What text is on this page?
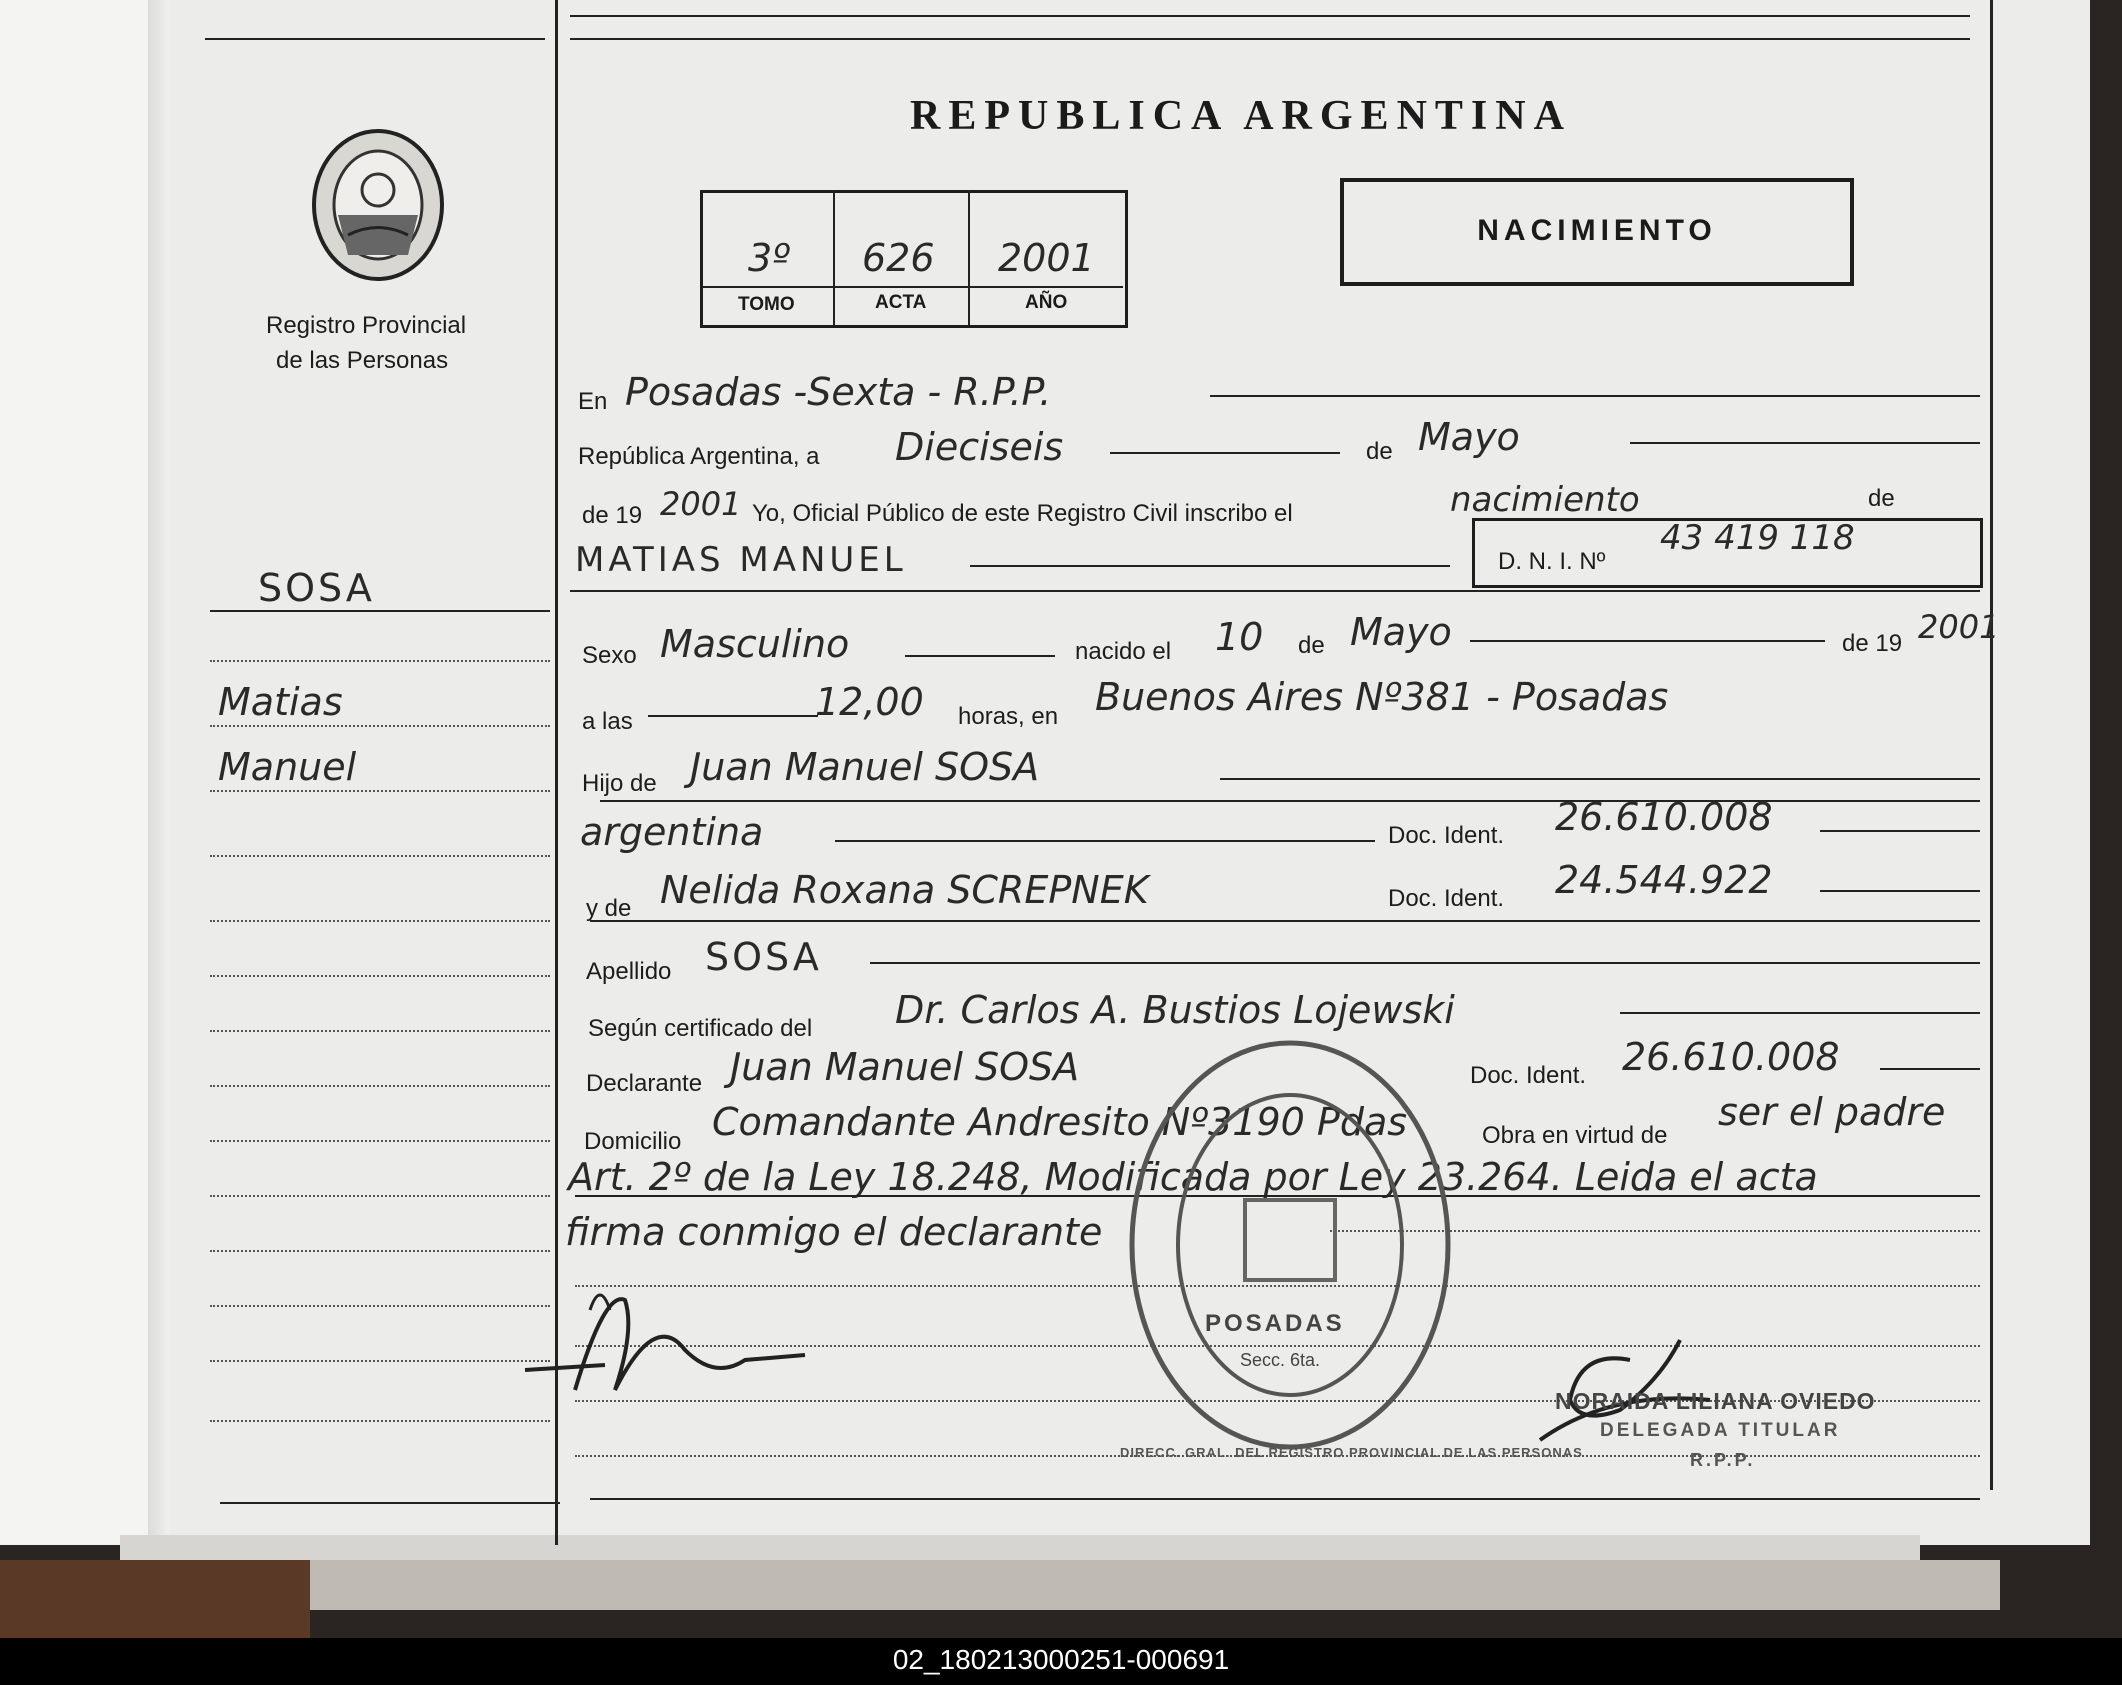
Registro Provincial
de las Personas
SOSA
Matias
Manuel
REPUBLICA ARGENTINA
3º 626 2001
TOMO	ACTA	AÑO
NACIMIENTO
En Posadas -Sexta - R.P.P.
República Argentina, a Dieciseis	de Mayo
de 19 2001 Yo, Oficial Público de este Registro Civil inscribo el	nacimiento	de
MATIAS MANUEL	D. N. I. Nº
43 419 118
Sexo Masculino	nacido el 10 de Mayo	de 19 2001
a las	12,00 horas, en Buenos Aires Nº381 - Posadas
Hijo de Juan Manuel SOSA
argentina	Doc. Ident. 26.610.008
y de Nelida Roxana SCREPNEK	Doc. Ident. 24.544.922
Apellido SOSA
Según certificado del Dr. Carlos A. Bustios Lojewski
Declarante Juan Manuel SOSA	Doc. Ident. 26.610.008
Domicilio Comandante Andresito Nº3190 Pdas	Obra en virtud de
ser el padre
Art. 2º de la Ley 18.248, Modificada por Ley 23.264. Leida el acta
firma conmigo el declarante
POSADAS
Secc. 6ta.
DIRECC. GRAL. DEL REGISTRO PROVINCIAL DE LAS PERSONAS
NORAIDA LILIANA OVIEDO
DELEGADA TITULAR
R.P.P.
02_180213000251-000691
